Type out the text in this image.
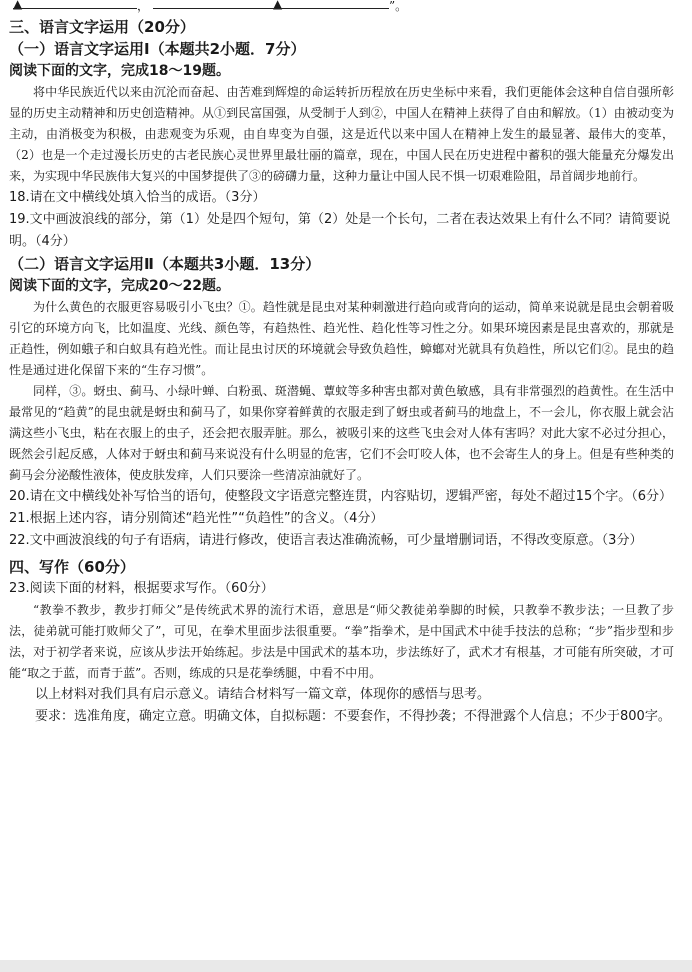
▲	，	▲	”。
三、语言文字运用（20分）
（一）语言文字运用Ⅰ（本题共2小题．7分）
阅读下面的文字，完成18～19题。

将中华民族近代以来由沉沦而奋起、由苦难到辉煌的命运转折历程放在历史坐标中来看，我们更能体会这种自信自强所彰显的历史主动精神和历史创造精神。从①到民富国强，从受制于人到②，中国人在精神上获得了自由和解放。（1）由被动变为主动，由消极变为积极，由悲观变为乐观，由自卑变为自强，这是近代以来中国人在精神上发生的最显著、最伟大的变革，（2）也是一个走过漫长历史的古老民族心灵世界里最壮丽的篇章，现在，中国人民在历史进程中蓄积的强大能量充分爆发出来，为实现中华民族伟大复兴的中国梦提供了③的磅礴力量，这种力量让中国人民不惧一切艰难险阻，昂首阔步地前行。

18.请在文中横线处填入恰当的成语。（3分）

19.文中画波浪线的部分，第（1）处是四个短句，第（2）处是一个长句，二者在表达效果上有什么不同？请简要说明。（4分）

（二）语言文字运用Ⅱ（本题共3小题．13分）
阅读下面的文字，完成20～22题。

为什么黄色的衣服更容易吸引小飞虫？①。趋性就是昆虫对某种刺激进行趋向或背向的运动，简单来说就是昆虫会朝着吸引它的环境方向飞，比如温度、光线、颜色等，有趋热性、趋光性、趋化性等习性之分。如果环境因素是昆虫喜欢的，那就是正趋性，例如蛾子和白蚁具有趋光性。而让昆虫讨厌的环境就会导致负趋性，蟑螂对光就具有负趋性，所以它们②。昆虫的趋性是通过进化保留下来的“生存习惯”。

同样，③。蚜虫、蓟马、小绿叶蝉、白粉虱、斑潜蝇、蕈蚊等多种害虫都对黄色敏感，具有非常强烈的趋黄性。在生活中最常见的“趋黄”的昆虫就是蚜虫和蓟马了，如果你穿着鲜黄的衣服走到了蚜虫或者蓟马的地盘上，不一会儿，你衣服上就会沾满这些小飞虫，粘在衣服上的虫子，还会把衣服弄脏。那么，被吸引来的这些飞虫会对人体有害吗？对此大家不必过分担心，既然会引起反感，人体对于蚜虫和蓟马来说没有什么明显的危害，它们不会叮咬人体，也不会寄生人的身上。但是有些种类的蓟马会分泌酸性液体，使皮肤发痒，人们只要涂一些清凉油就好了。

20.请在文中横线处补写恰当的语句，使整段文字语意完整连贯，内容贴切，逻辑严密，每处不超过15个字。（6分）

21.根据上述内容，请分别简述“趋光性”“负趋性”的含义。（4分）

22.文中画波浪线的句子有语病，请进行修改，使语言表达准确流畅，可少量增删词语，不得改变原意。（3分）

四、写作（60分）

23.阅读下面的材料，根据要求写作。（60分）

“教拳不教步，教步打师父”是传统武术界的流行术语，意思是“师父教徒弟拳脚的时候，只教拳不教步法；一旦教了步法，徒弟就可能打败师父了”，可见，在拳术里面步法很重要。“拳”指拳术，是中国武术中徒手技法的总称；“步”指步型和步法，对于初学者来说，应该从步法开始练起。步法是中国武术的基本功，步法练好了，武术才有根基，才可能有所突破，才可能“取之于蓝，而青于蓝”。否则，练成的只是花拳绣腿，中看不中用。

以上材料对我们具有启示意义。请结合材料写一篇文章，体现你的感悟与思考。

要求：选准角度，确定立意。明确文体，自拟标题：不要套作，不得抄袭；不得泄露个人信息；不少于800字。
